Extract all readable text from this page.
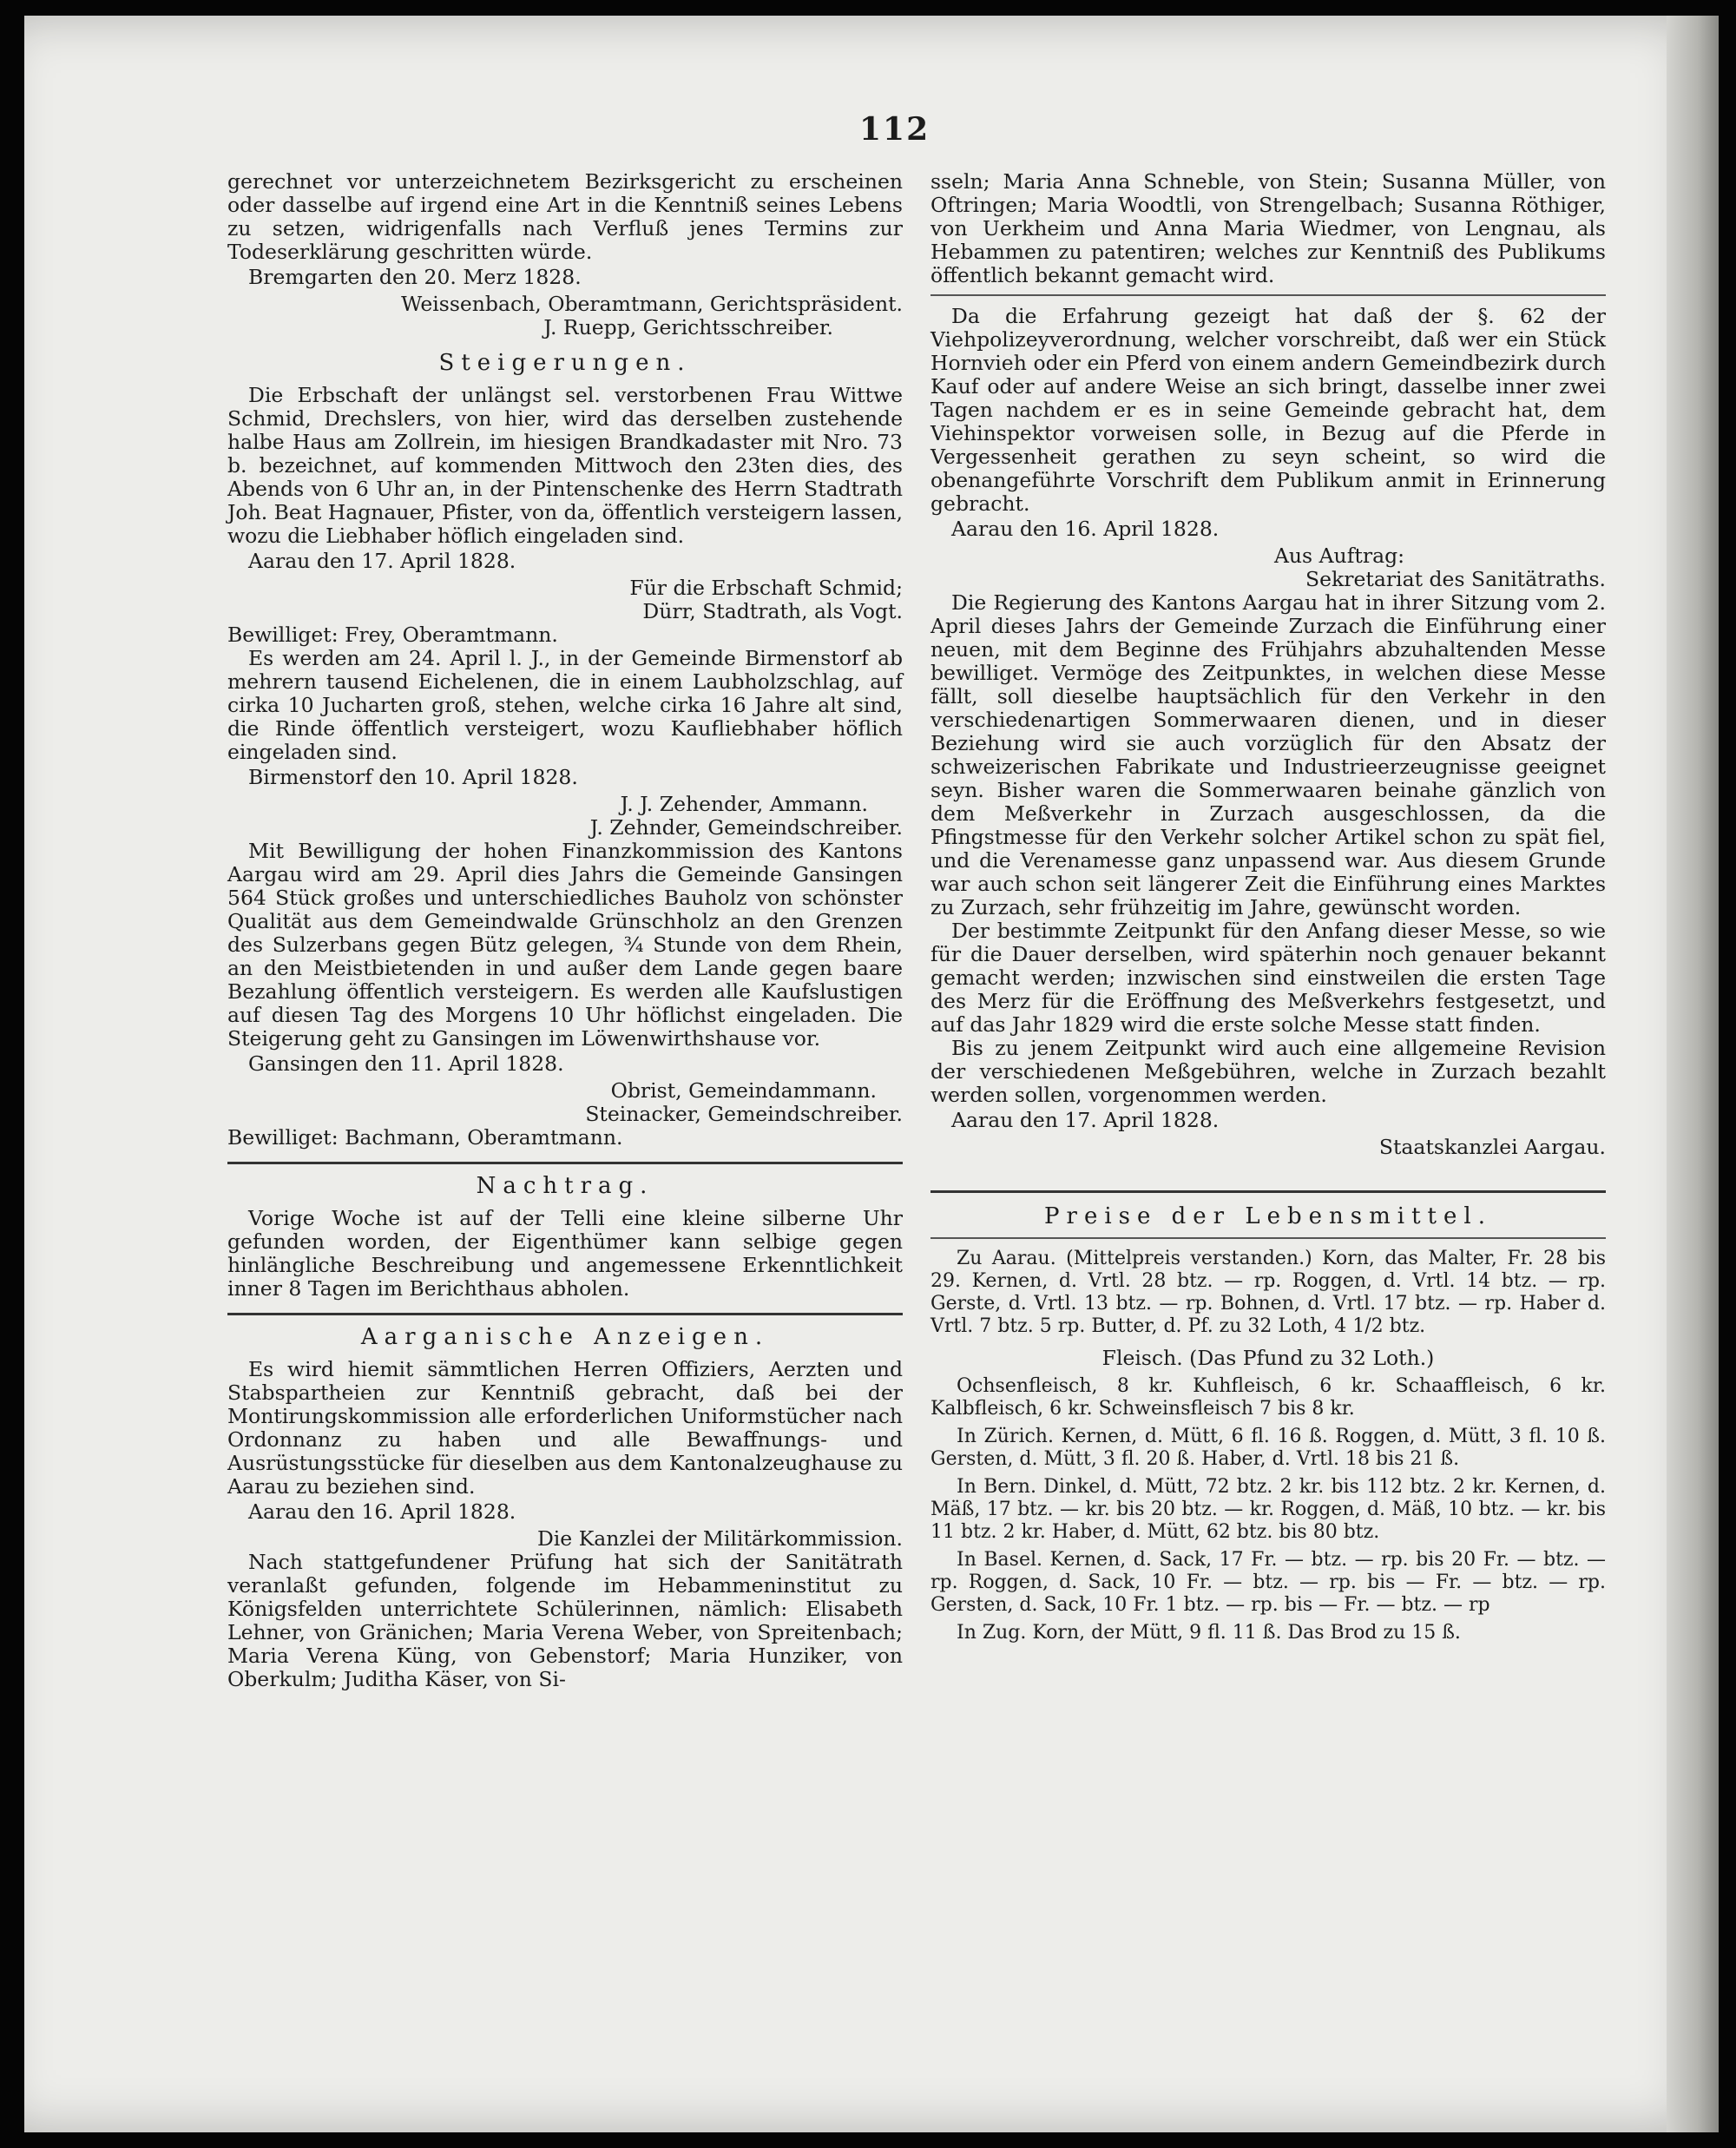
112

gerechnet vor unterzeichnetem Bezirksgericht zu erscheinen oder dasselbe auf irgend eine Art in die Kenntniß seines Lebens zu setzen, widrigenfalls nach Verfluß jenes Termins zur Todeserklärung geschritten würde.

Bremgarten den 20. Merz 1828.

Weissenbach, Oberamtmann, Gerichtspräsident.

J. Ruepp, Gerichtsschreiber.

Steigerungen.

Die Erbschaft der unlängst sel. verstorbenen Frau Wittwe Schmid, Drechslers, von hier, wird das derselben zustehende halbe Haus am Zollrein, im hiesigen Brandkadaster mit Nro. 73 b. bezeichnet, auf kommenden Mittwoch den 23ten dies, des Abends von 6 Uhr an, in der Pintenschenke des Herrn Stadtrath Joh. Beat Hagnauer, Pfister, von da, öffentlich versteigern lassen, wozu die Liebhaber höflich eingeladen sind.

Aarau den 17. April 1828.

Für die Erbschaft Schmid;

Dürr, Stadtrath, als Vogt.

Bewilliget: Frey, Oberamtmann.

Es werden am 24. April l. J., in der Gemeinde Birmenstorf ab mehrern tausend Eichelenen, die in einem Laubholzschlag, auf cirka 10 Jucharten groß, stehen, welche cirka 16 Jahre alt sind, die Rinde öffentlich versteigert, wozu Kaufliebhaber höflich eingeladen sind.

Birmenstorf den 10. April 1828.

J. J. Zehender, Ammann.

J. Zehnder, Gemeindschreiber.

Mit Bewilligung der hohen Finanzkommission des Kantons Aargau wird am 29. April dies Jahrs die Gemeinde Gansingen 564 Stück großes und unterschiedliches Bauholz von schönster Qualität aus dem Gemeindwalde Grünschholz an den Grenzen des Sulzerbans gegen Bütz gelegen, ¾ Stunde von dem Rhein, an den Meistbietenden in und außer dem Lande gegen baare Bezahlung öffentlich versteigern. Es werden alle Kaufslustigen auf diesen Tag des Morgens 10 Uhr höflichst eingeladen. Die Steigerung geht zu Gansingen im Löwenwirthshause vor.

Gansingen den 11. April 1828.

Obrist, Gemeindammann.

Steinacker, Gemeindschreiber.

Bewilliget: Bachmann, Oberamtmann.

Nachtrag.

Vorige Woche ist auf der Telli eine kleine silberne Uhr gefunden worden, der Eigenthümer kann selbige gegen hinlängliche Beschreibung und angemessene Erkenntlichkeit inner 8 Tagen im Berichthaus abholen.

Aarganische Anzeigen.

Es wird hiemit sämmtlichen Herren Offiziers, Aerzten und Stabspartheien zur Kenntniß gebracht, daß bei der Montirungskommission alle erforderlichen Uniformstücher nach Ordonnanz zu haben und alle Bewaffnungs- und Ausrüstungsstücke für dieselben aus dem Kantonalzeughause zu Aarau zu beziehen sind.

Aarau den 16. April 1828.

Die Kanzlei der Militärkommission.

Nach stattgefundener Prüfung hat sich der Sanitätrath veranlaßt gefunden, folgende im Hebammeninstitut zu Königsfelden unterrichtete Schülerinnen, nämlich: Elisabeth Lehner, von Gränichen; Maria Verena Weber, von Spreitenbach; Maria Verena Küng, von Gebenstorf; Maria Hunziker, von Oberkulm; Juditha Käser, von Si-

sseln; Maria Anna Schneble, von Stein; Susanna Müller, von Oftringen; Maria Woodtli, von Strengelbach; Susanna Röthiger, von Uerkheim und Anna Maria Wiedmer, von Lengnau, als Hebammen zu patentiren; welches zur Kenntniß des Publikums öffentlich bekannt gemacht wird.

Da die Erfahrung gezeigt hat daß der §. 62 der Viehpolizeyverordnung, welcher vorschreibt, daß wer ein Stück Hornvieh oder ein Pferd von einem andern Gemeindbezirk durch Kauf oder auf andere Weise an sich bringt, dasselbe inner zwei Tagen nachdem er es in seine Gemeinde gebracht hat, dem Viehinspektor vorweisen solle, in Bezug auf die Pferde in Vergessenheit gerathen zu seyn scheint, so wird die obenangeführte Vorschrift dem Publikum anmit in Erinnerung gebracht.

Aarau den 16. April 1828.

Aus Auftrag:

Sekretariat des Sanitätraths.

Die Regierung des Kantons Aargau hat in ihrer Sitzung vom 2. April dieses Jahrs der Gemeinde Zurzach die Einführung einer neuen, mit dem Beginne des Frühjahrs abzuhaltenden Messe bewilliget. Vermöge des Zeitpunktes, in welchen diese Messe fällt, soll dieselbe hauptsächlich für den Verkehr in den verschiedenartigen Sommerwaaren dienen, und in dieser Beziehung wird sie auch vorzüglich für den Absatz der schweizerischen Fabrikate und Industrieerzeugnisse geeignet seyn. Bisher waren die Sommerwaaren beinahe gänzlich von dem Meßverkehr in Zurzach ausgeschlossen, da die Pfingstmesse für den Verkehr solcher Artikel schon zu spät fiel, und die Verenamesse ganz unpassend war. Aus diesem Grunde war auch schon seit längerer Zeit die Einführung eines Marktes zu Zurzach, sehr frühzeitig im Jahre, gewünscht worden.

Der bestimmte Zeitpunkt für den Anfang dieser Messe, so wie für die Dauer derselben, wird späterhin noch genauer bekannt gemacht werden; inzwischen sind einstweilen die ersten Tage des Merz für die Eröffnung des Meßverkehrs festgesetzt, und auf das Jahr 1829 wird die erste solche Messe statt finden.

Bis zu jenem Zeitpunkt wird auch eine allgemeine Revision der verschiedenen Meßgebühren, welche in Zurzach bezahlt werden sollen, vorgenommen werden.

Aarau den 17. April 1828.

Staatskanzlei Aargau.

Preise der Lebensmittel.

Zu Aarau. (Mittelpreis verstanden.) Korn, das Malter, Fr. 28 bis 29. Kernen, d. Vrtl. 28 btz. — rp. Roggen, d. Vrtl. 14 btz. — rp. Gerste, d. Vrtl. 13 btz. — rp. Bohnen, d. Vrtl. 17 btz. — rp. Haber d. Vrtl. 7 btz. 5 rp. Butter, d. Pf. zu 32 Loth, 4 1/2 btz.

Fleisch. (Das Pfund zu 32 Loth.)

Ochsenfleisch, 8 kr. Kuhfleisch, 6 kr. Schaaffleisch, 6 kr. Kalbfleisch, 6 kr. Schweinsfleisch 7 bis 8 kr.

In Zürich. Kernen, d. Mütt, 6 fl. 16 ß. Roggen, d. Mütt, 3 fl. 10 ß. Gersten, d. Mütt, 3 fl. 20 ß. Haber, d. Vrtl. 18 bis 21 ß.

In Bern. Dinkel, d. Mütt, 72 btz. 2 kr. bis 112 btz. 2 kr. Kernen, d. Mäß, 17 btz. — kr. bis 20 btz. — kr. Roggen, d. Mäß, 10 btz. — kr. bis 11 btz. 2 kr. Haber, d. Mütt, 62 btz. bis 80 btz.

In Basel. Kernen, d. Sack, 17 Fr. — btz. — rp. bis 20 Fr. — btz. — rp. Roggen, d. Sack, 10 Fr. — btz. — rp. bis — Fr. — btz. — rp. Gersten, d. Sack, 10 Fr. 1 btz. — rp. bis — Fr. — btz. — rp

In Zug. Korn, der Mütt, 9 fl. 11 ß. Das Brod zu 15 ß.
